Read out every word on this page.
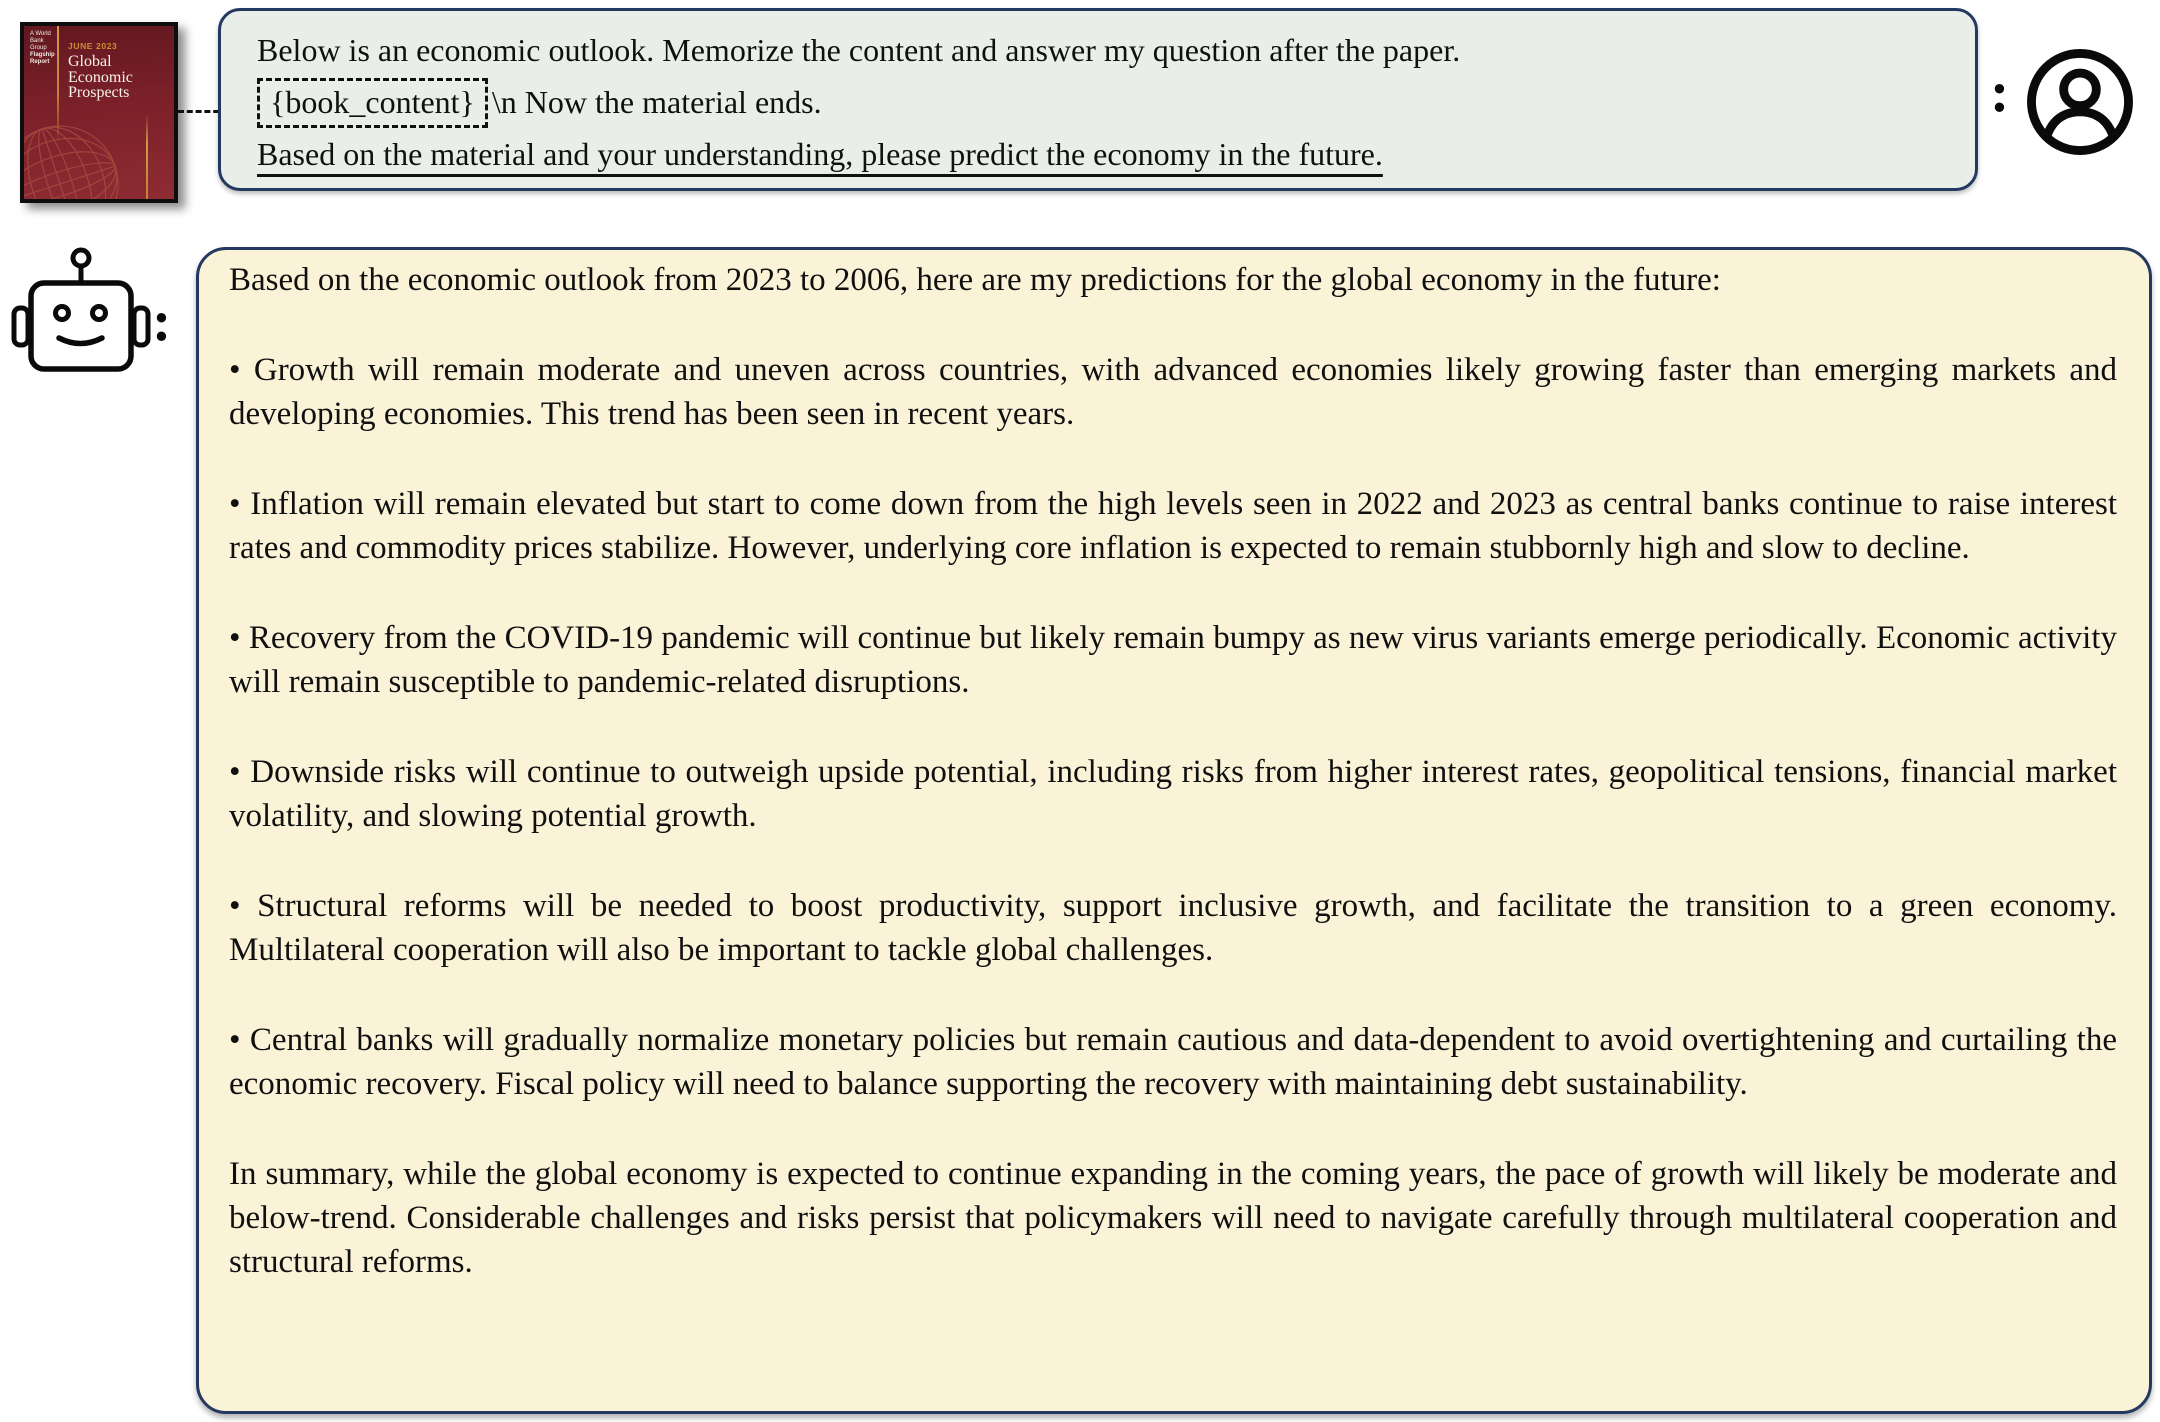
A World Bank Group
Flagship Report
JUNE 2023
Global
Economic
Prospects
Below is an economic outlook. Memorize the content and answer my question after the paper.
{book_content} \n Now the material ends.
Based on the material and your understanding, please predict the economy in the future.
:
:

Based on the economic outlook from 2023 to 2006, here are my predictions for the global economy in the future:

• Growth will remain moderate and uneven across countries, with advanced economies likely growing faster than emerging markets and developing economies. This trend has been seen in recent years.

• Inflation will remain elevated but start to come down from the high levels seen in 2022 and 2023 as central banks continue to raise interest rates and commodity prices stabilize. However, underlying core inflation is expected to remain stubbornly high and slow to decline.

• Recovery from the COVID-19 pandemic will continue but likely remain bumpy as new virus variants emerge periodically. Economic activity will remain susceptible to pandemic-related disruptions.

• Downside risks will continue to outweigh upside potential, including risks from higher interest rates, geopolitical tensions, financial market volatility, and slowing potential growth.

• Structural reforms will be needed to boost productivity, support inclusive growth, and facilitate the transition to a green economy. Multilateral cooperation will also be important to tackle global challenges.

• Central banks will gradually normalize monetary policies but remain cautious and data-dependent to avoid overtightening and curtailing the economic recovery. Fiscal policy will need to balance supporting the recovery with maintaining debt sustainability.

In summary, while the global economy is expected to continue expanding in the coming years, the pace of growth will likely be moderate and below-trend. Considerable challenges and risks persist that policymakers will need to navigate carefully through multilateral cooperation and structural reforms.
